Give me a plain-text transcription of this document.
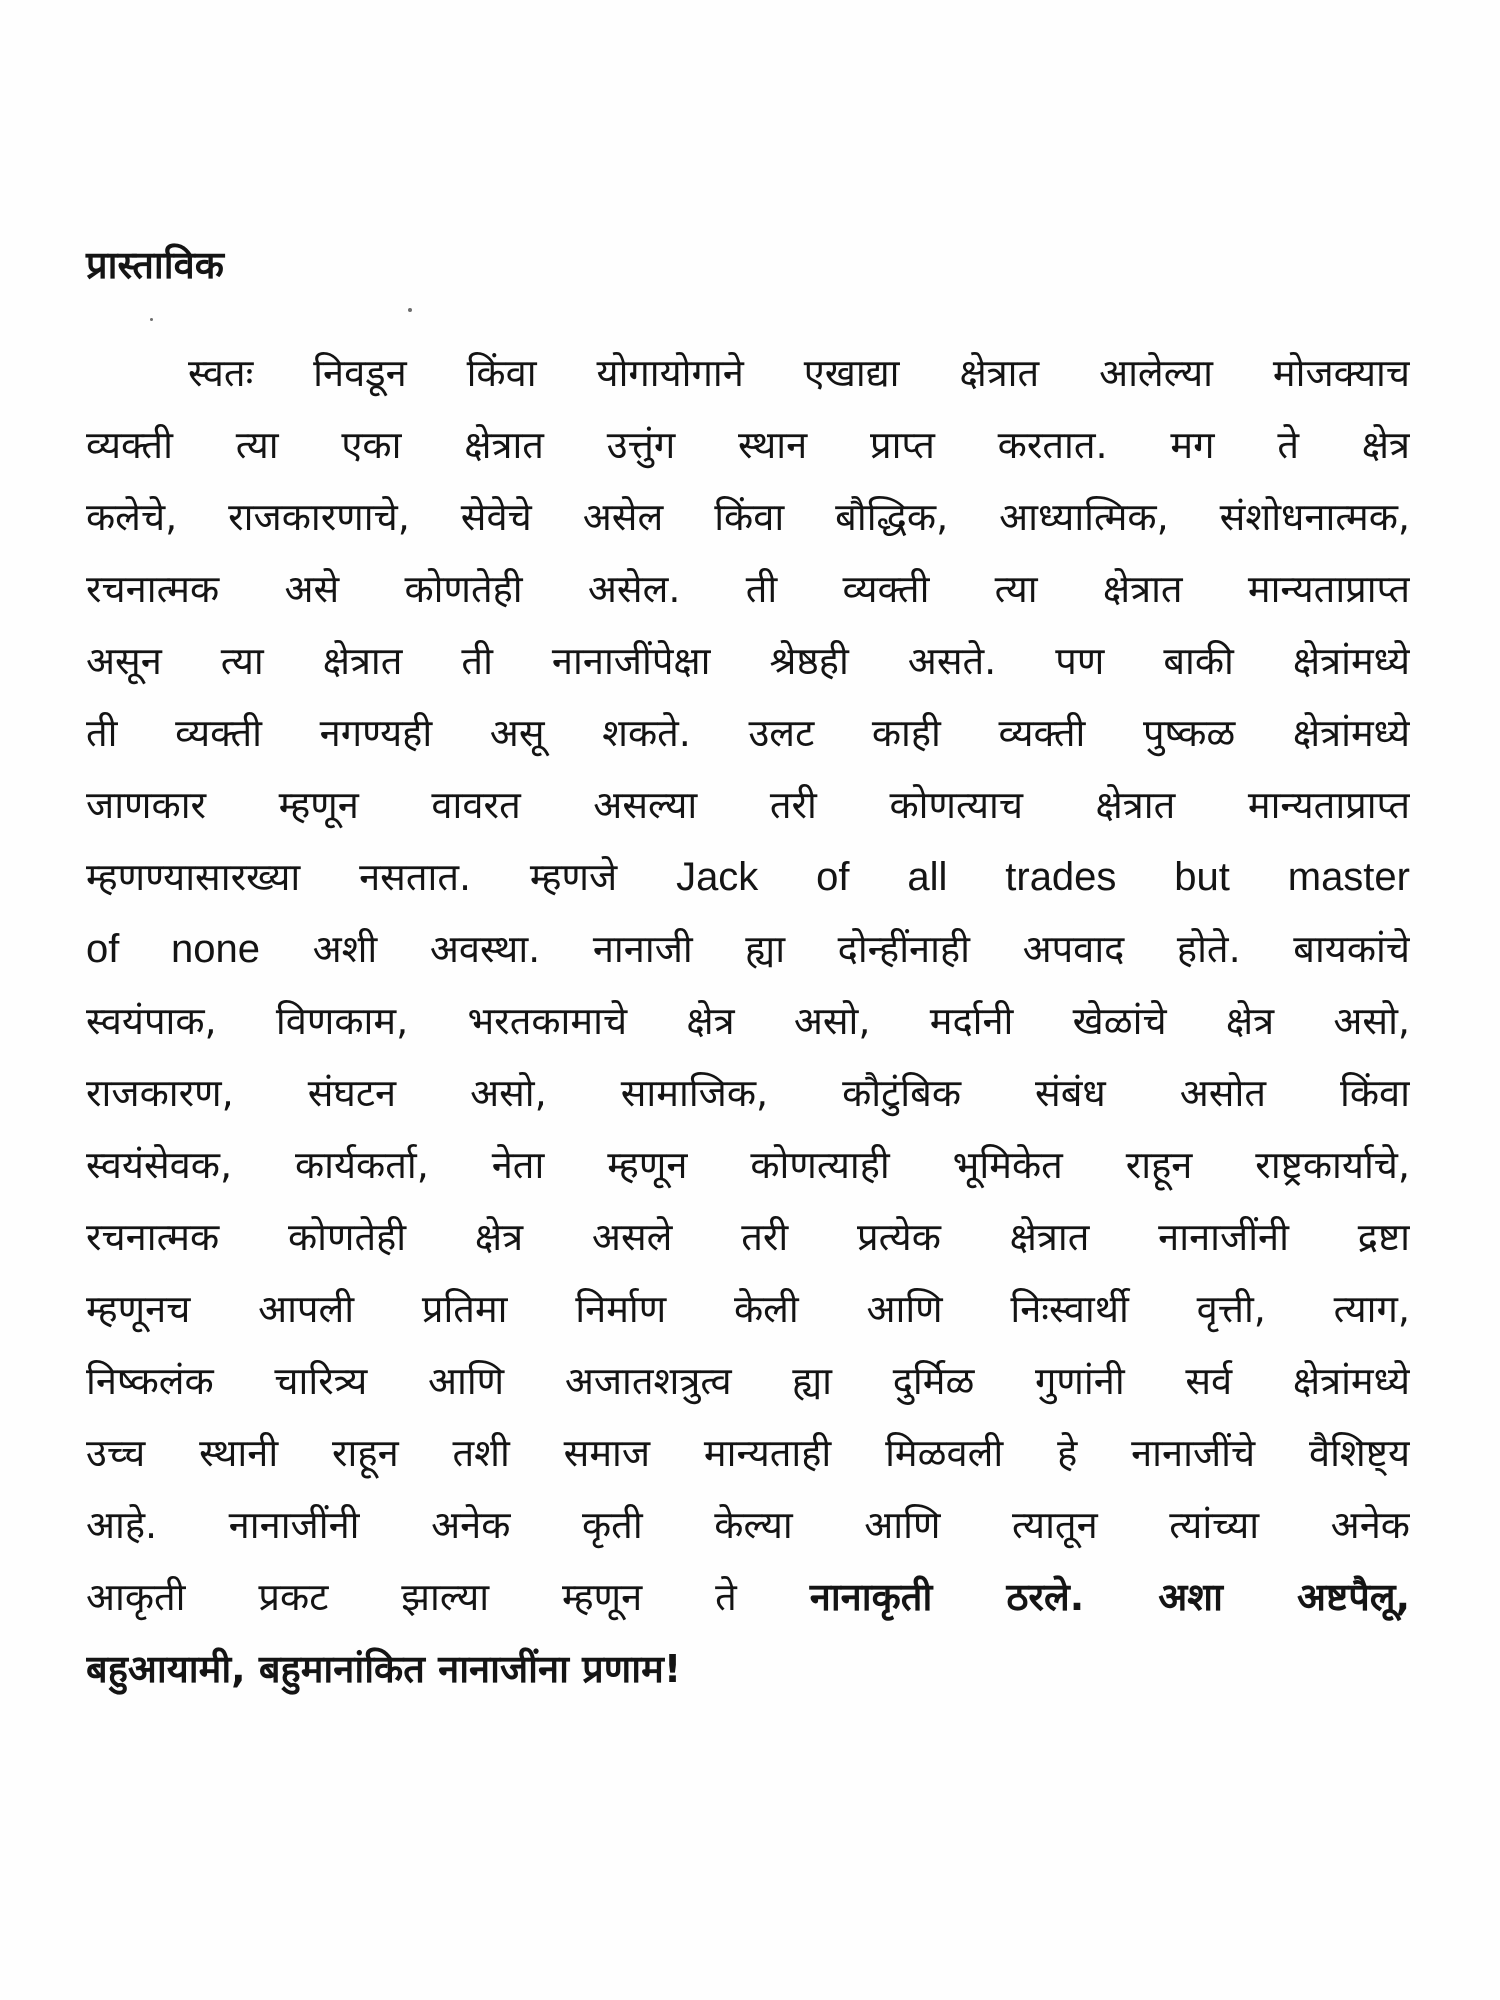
प्रास्ताविक
स्वतः निवडून किंवा योगायोगाने एखाद्या क्षेत्रात आलेल्या मोजक्याच
व्यक्ती त्या एका क्षेत्रात उत्तुंग स्थान प्राप्त करतात. मग ते क्षेत्र
कलेचे, राजकारणाचे, सेवेचे असेल किंवा बौद्धिक, आध्यात्मिक, संशोधनात्मक,
रचनात्मक असे कोणतेही असेल. ती व्यक्ती त्या क्षेत्रात मान्यताप्राप्त
असून त्या क्षेत्रात ती नानाजींपेक्षा श्रेष्ठही असते. पण बाकी क्षेत्रांमध्ये
ती व्यक्ती नगण्यही असू शकते. उलट काही व्यक्ती पुष्कळ क्षेत्रांमध्ये
जाणकार म्हणून वावरत असल्या तरी कोणत्याच क्षेत्रात मान्यताप्राप्त
म्हणण्यासारख्या नसतात. म्हणजे Jack of all trades but master
of none अशी अवस्था. नानाजी ह्या दोन्हींनाही अपवाद होते. बायकांचे
स्वयंपाक, विणकाम, भरतकामाचे क्षेत्र असो, मर्दानी खेळांचे क्षेत्र असो,
राजकारण, संघटन असो, सामाजिक, कौटुंबिक संबंध असोत किंवा
स्वयंसेवक, कार्यकर्ता, नेता म्हणून कोणत्याही भूमिकेत राहून राष्ट्रकार्याचे,
रचनात्मक कोणतेही क्षेत्र असले तरी प्रत्येक क्षेत्रात नानाजींनी द्रष्टा
म्हणूनच आपली प्रतिमा निर्माण केली आणि निःस्वार्थी वृत्ती, त्याग,
निष्कलंक चारित्र्य आणि अजातशत्रुत्व ह्या दुर्मिळ गुणांनी सर्व क्षेत्रांमध्ये
उच्च स्थानी राहून तशी समाज मान्यताही मिळवली हे नानाजींचे वैशिष्ट्य
आहे. नानाजींनी अनेक कृती केल्या आणि त्यातून त्यांच्या अनेक
आकृती प्रकट झाल्या म्हणून ते नानाकृती ठरले. अशा अष्टपैलू,
बहुआयामी, बहुमानांकित नानाजींना प्रणाम!
